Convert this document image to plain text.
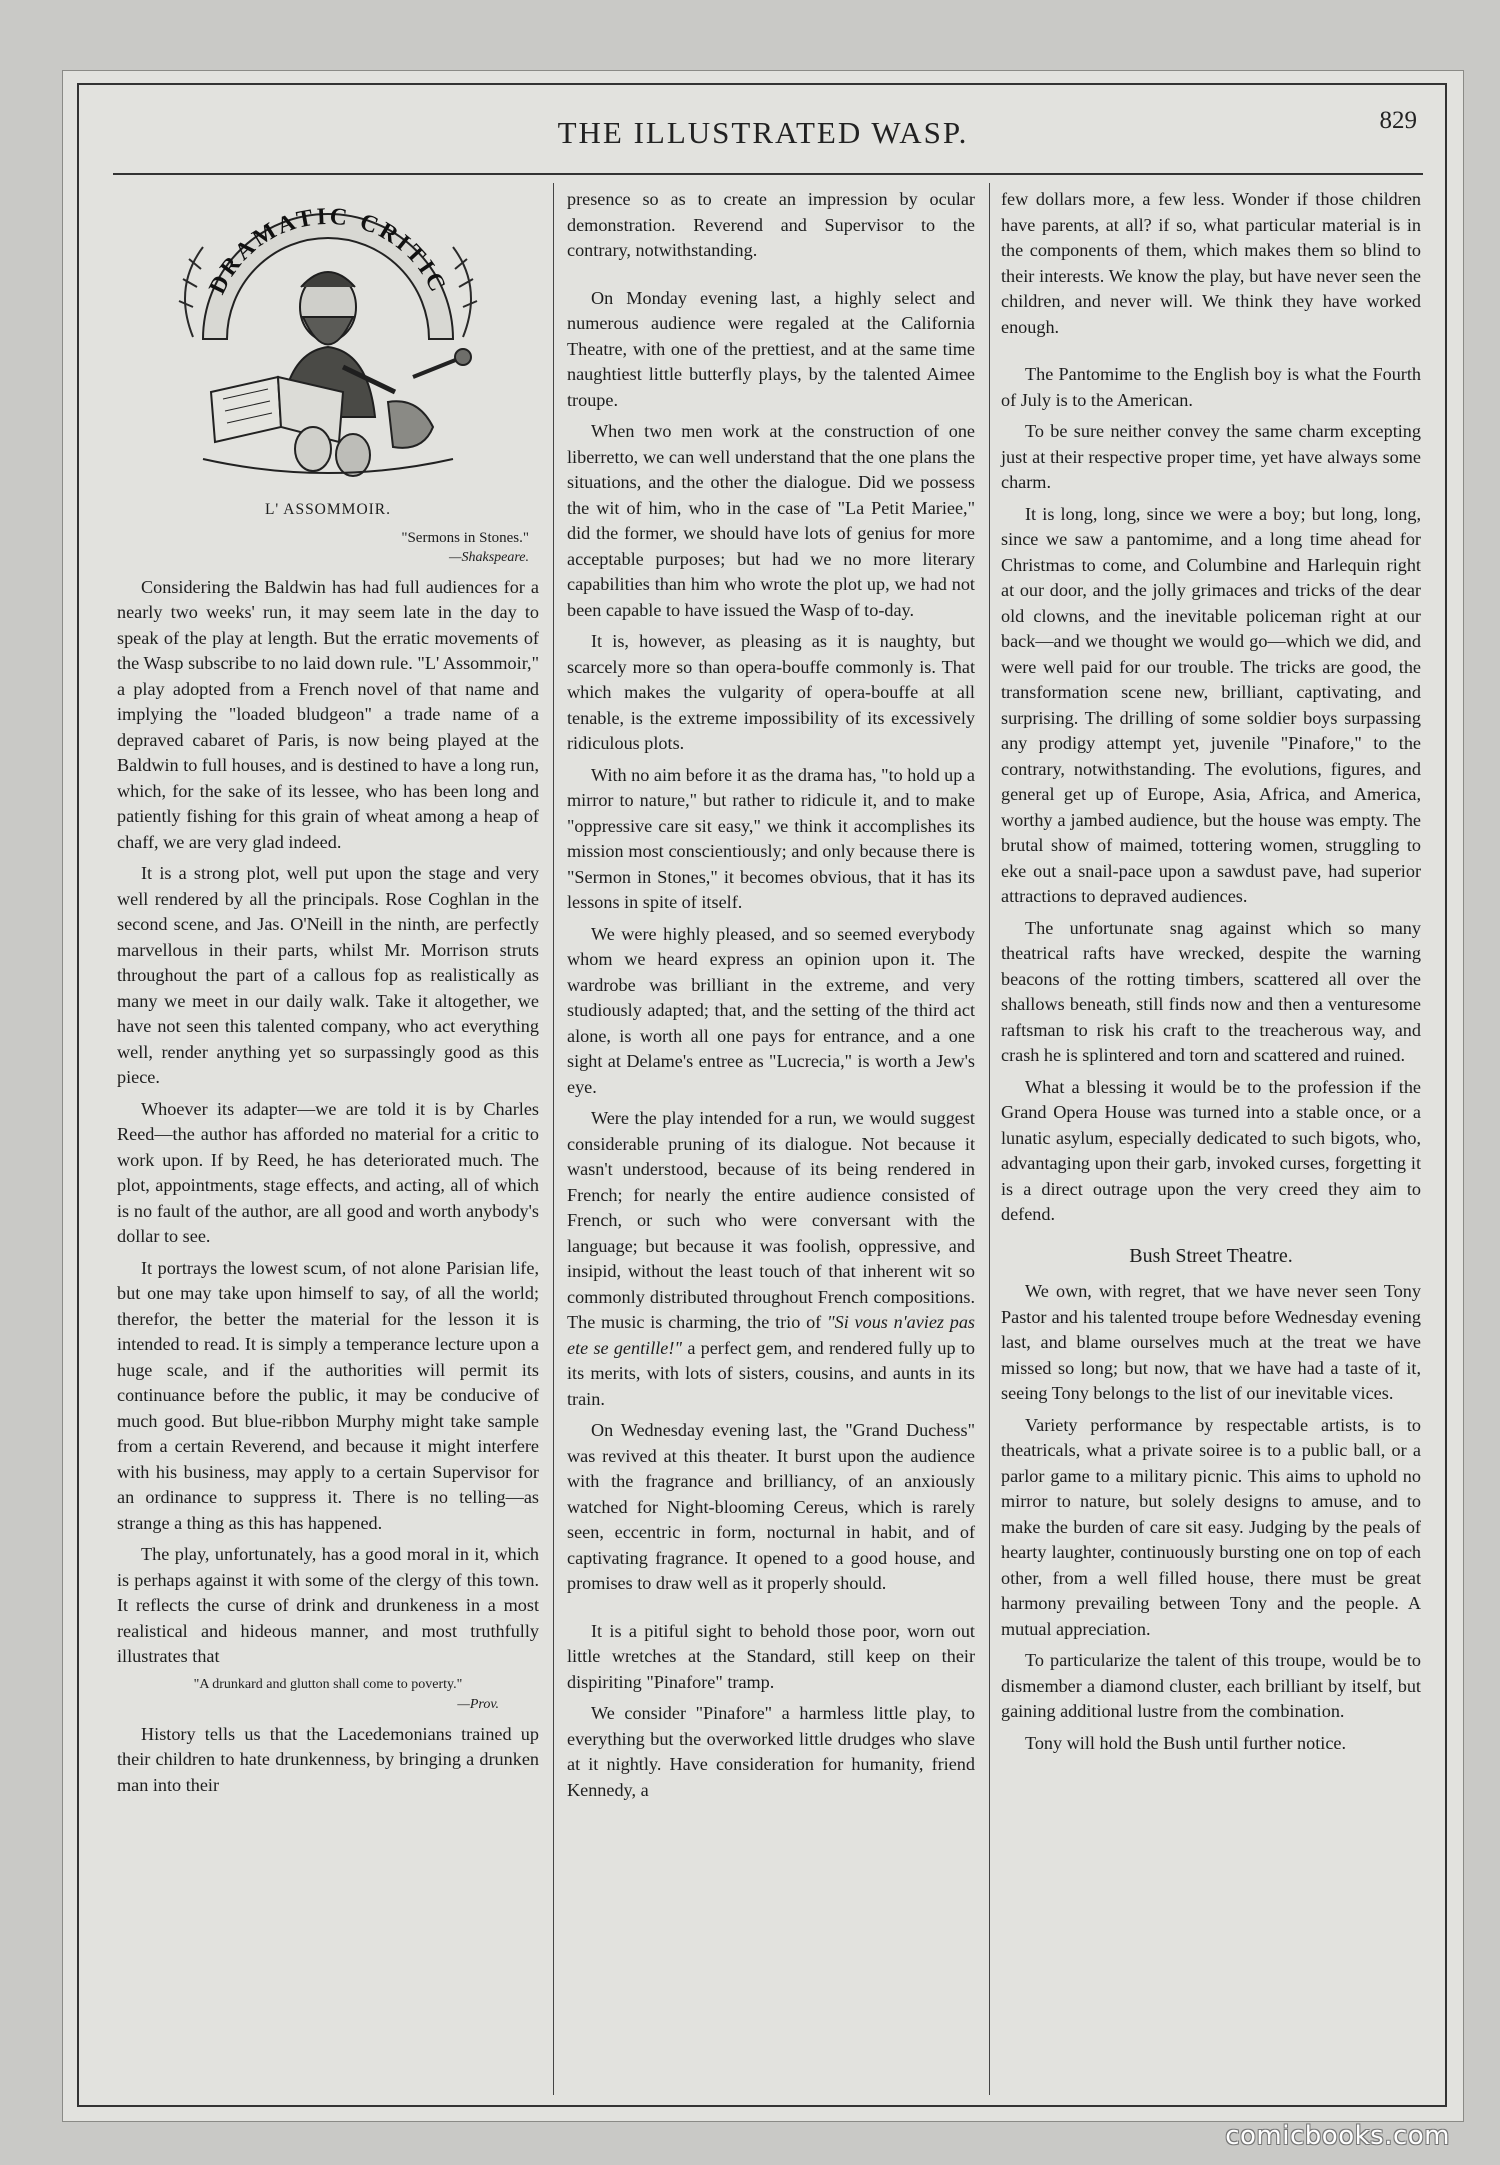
THE ILLUSTRATED WASP.	829
DRAMATIC CRITIC
L' ASSOMMOIR.
"Sermons in Stones."
—Shakspeare.

Considering the Baldwin has had full audiences for a nearly two weeks' run, it may seem late in the day to speak of the play at length. But the erratic movements of the Wasp subscribe to no laid down rule. "L' Assommoir," a play adopted from a French novel of that name and implying the "loaded bludgeon" a trade name of a depraved cabaret of Paris, is now being played at the Baldwin to full houses, and is destined to have a long run, which, for the sake of its lessee, who has been long and patiently fishing for this grain of wheat among a heap of chaff, we are very glad indeed.

It is a strong plot, well put upon the stage and very well rendered by all the principals. Rose Coghlan in the second scene, and Jas. O'Neill in the ninth, are perfectly marvellous in their parts, whilst Mr. Morrison struts throughout the part of a callous fop as realistically as many we meet in our daily walk. Take it altogether, we have not seen this talented company, who act everything well, render anything yet so surpassingly good as this piece.

Whoever its adapter—we are told it is by Charles Reed—the author has afforded no material for a critic to work upon. If by Reed, he has deteriorated much. The plot, appointments, stage effects, and acting, all of which is no fault of the author, are all good and worth anybody's dollar to see.

It portrays the lowest scum, of not alone Parisian life, but one may take upon himself to say, of all the world; therefor, the better the material for the lesson it is intended to read. It is simply a temperance lecture upon a huge scale, and if the authorities will permit its continuance before the public, it may be conducive of much good. But blue-ribbon Murphy might take sample from a certain Reverend, and because it might interfere with his business, may apply to a certain Supervisor for an ordinance to suppress it. There is no telling—as strange a thing as this has happened.

The play, unfortunately, has a good moral in it, which is perhaps against it with some of the clergy of this town. It reflects the curse of drink and drunkeness in a most realistical and hideous manner, and most truthfully illustrates that

"A drunkard and glutton shall come to poverty."
—Prov.

History tells us that the Lacedemonians trained up their children to hate drunkenness, by bringing a drunken man into their

presence so as to create an impression by ocular demonstration. Reverend and Supervisor to the contrary, notwithstanding.

On Monday evening last, a highly select and numerous audience were regaled at the California Theatre, with one of the prettiest, and at the same time naughtiest little butterfly plays, by the talented Aimee troupe.

When two men work at the construction of one liberretto, we can well understand that the one plans the situations, and the other the dialogue. Did we possess the wit of him, who in the case of "La Petit Mariee," did the former, we should have lots of genius for more acceptable purposes; but had we no more literary capabilities than him who wrote the plot up, we had not been capable to have issued the Wasp of to-day.

It is, however, as pleasing as it is naughty, but scarcely more so than opera-bouffe commonly is. That which makes the vulgarity of opera-bouffe at all tenable, is the extreme impossibility of its excessively ridiculous plots.

With no aim before it as the drama has, "to hold up a mirror to nature," but rather to ridicule it, and to make "oppressive care sit easy," we think it accomplishes its mission most conscientiously; and only because there is "Sermon in Stones," it becomes obvious, that it has its lessons in spite of itself.

We were highly pleased, and so seemed everybody whom we heard express an opinion upon it. The wardrobe was brilliant in the extreme, and very studiously adapted; that, and the setting of the third act alone, is worth all one pays for entrance, and a one sight at Delame's entree as "Lucrecia," is worth a Jew's eye.

Were the play intended for a run, we would suggest considerable pruning of its dialogue. Not because it wasn't understood, because of its being rendered in French; for nearly the entire audience consisted of French, or such who were conversant with the language; but because it was foolish, oppressive, and insipid, without the least touch of that inherent wit so commonly distributed throughout French compositions. The music is charming, the trio of "Si vous n'aviez pas ete se gentille!" a perfect gem, and rendered fully up to its merits, with lots of sisters, cousins, and aunts in its train.

On Wednesday evening last, the "Grand Duchess" was revived at this theater. It burst upon the audience with the fragrance and brilliancy, of an anxiously watched for Night-blooming Cereus, which is rarely seen, eccentric in form, nocturnal in habit, and of captivating fragrance. It opened to a good house, and promises to draw well as it properly should.

It is a pitiful sight to behold those poor, worn out little wretches at the Standard, still keep on their dispiriting "Pinafore" tramp.

We consider "Pinafore" a harmless little play, to everything but the overworked little drudges who slave at it nightly. Have consideration for humanity, friend Kennedy, a

few dollars more, a few less. Wonder if those children have parents, at all? if so, what particular material is in the components of them, which makes them so blind to their interests. We know the play, but have never seen the children, and never will. We think they have worked enough.

The Pantomime to the English boy is what the Fourth of July is to the American.

To be sure neither convey the same charm excepting just at their respective proper time, yet have always some charm.

It is long, long, since we were a boy; but long, long, since we saw a pantomime, and a long time ahead for Christmas to come, and Columbine and Harlequin right at our door, and the jolly grimaces and tricks of the dear old clowns, and the inevitable policeman right at our back—and we thought we would go—which we did, and were well paid for our trouble. The tricks are good, the transformation scene new, brilliant, captivating, and surprising. The drilling of some soldier boys surpassing any prodigy attempt yet, juvenile "Pinafore," to the contrary, notwithstanding. The evolutions, figures, and general get up of Europe, Asia, Africa, and America, worthy a jambed audience, but the house was empty. The brutal show of maimed, tottering women, struggling to eke out a snail-pace upon a sawdust pave, had superior attractions to depraved audiences.

The unfortunate snag against which so many theatrical rafts have wrecked, despite the warning beacons of the rotting timbers, scattered all over the shallows beneath, still finds now and then a venturesome raftsman to risk his craft to the treacherous way, and crash he is splintered and torn and scattered and ruined.

What a blessing it would be to the profession if the Grand Opera House was turned into a stable once, or a lunatic asylum, especially dedicated to such bigots, who, advantaging upon their garb, invoked curses, forgetting it is a direct outrage upon the very creed they aim to defend.

Bush Street Theatre.

We own, with regret, that we have never seen Tony Pastor and his talented troupe before Wednesday evening last, and blame ourselves much at the treat we have missed so long; but now, that we have had a taste of it, seeing Tony belongs to the list of our inevitable vices.

Variety performance by respectable artists, is to theatricals, what a private soiree is to a public ball, or a parlor game to a military picnic. This aims to uphold no mirror to nature, but solely designs to amuse, and to make the burden of care sit easy. Judging by the peals of hearty laughter, continuously bursting one on top of each other, from a well filled house, there must be great harmony prevailing between Tony and the people. A mutual appreciation.

To particularize the talent of this troupe, would be to dismember a diamond cluster, each brilliant by itself, but gaining additional lustre from the combination.

Tony will hold the Bush until further notice.

comicbooks.com
